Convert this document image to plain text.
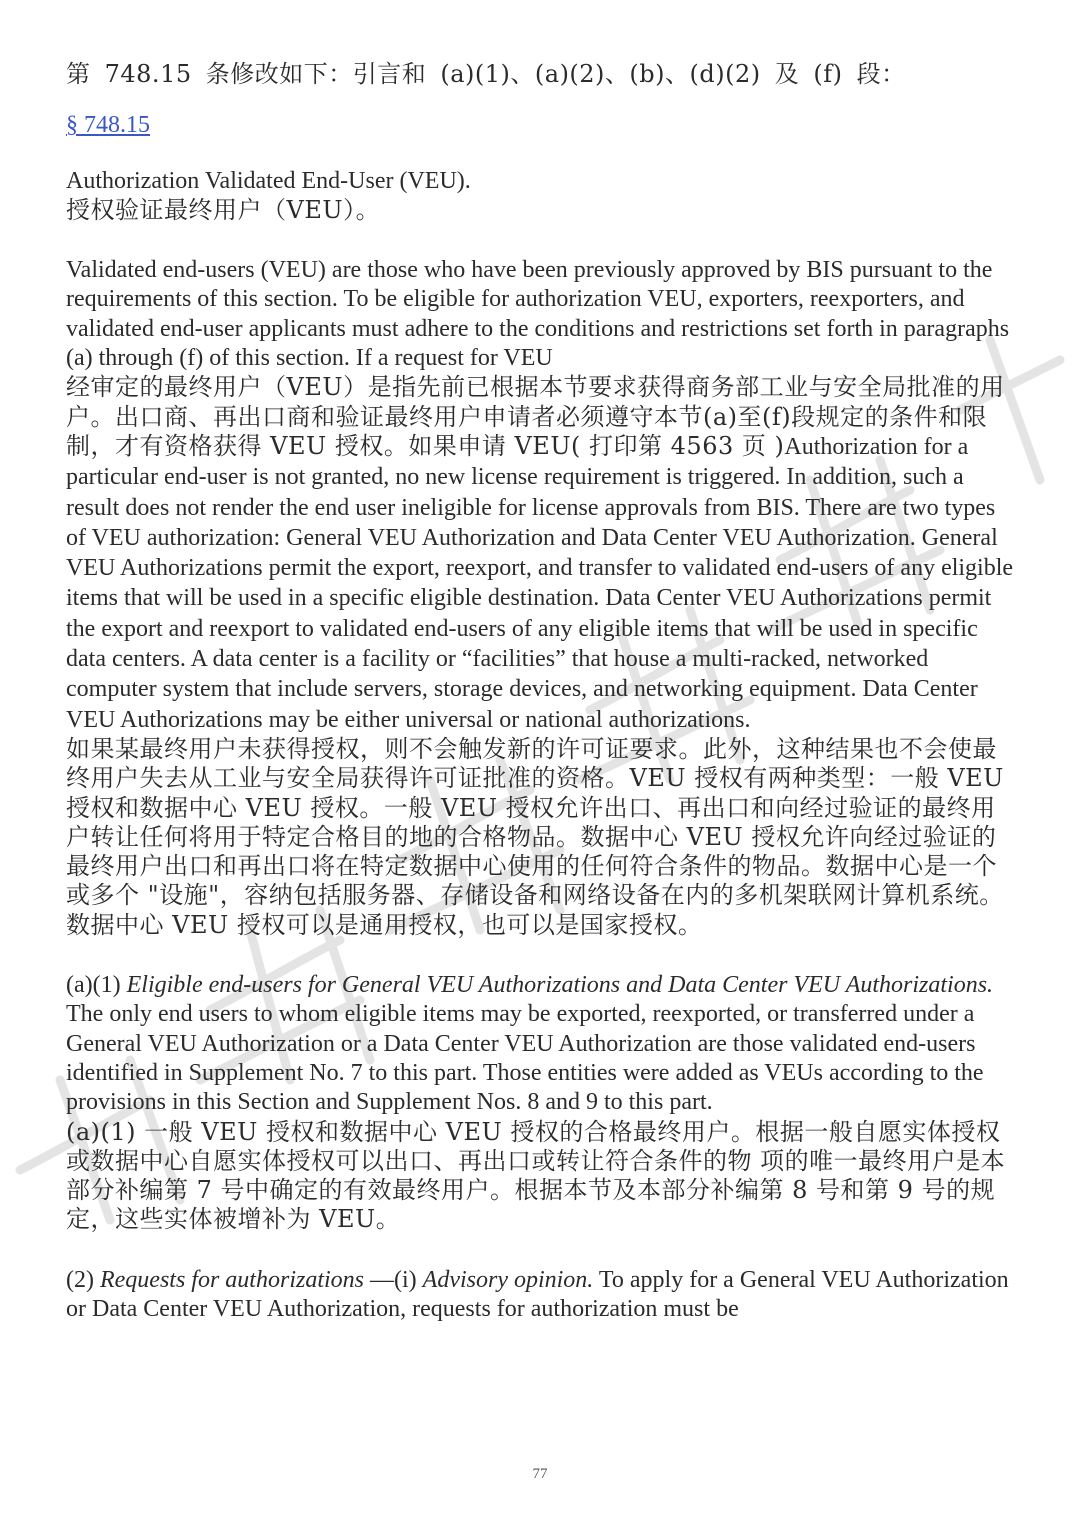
第 748.15 条修改如下：引言和 (a)(1)、(a)(2)、(b)、(d)(2) 及 (f) 段：

§ 748.15

Authorization Validated End-User (VEU).

授权验证最终用户（VEU）。

Validated end-users (VEU) are those who have been previously approved by BIS pursuant to the requirements of this section. To be eligible for authorization VEU, exporters, reexporters, and validated end-user applicants must adhere to the conditions and restrictions set forth in paragraphs (a) through (f) of this section. If a request for VEU

经审定的最终用户（VEU）是指先前已根据本节要求获得商务部工业与安全局批准的用户。出口商、再出口商和验证最终用户申请者必须遵守本节(a)至(f)段规定的条件和限制，才有资格获得 VEU 授权。如果申请 VEU( 打印第 4563 页 )Authorization for a particular end-user is not granted, no new license requirement is triggered. In addition, such a result does not render the end user ineligible for license approvals from BIS. There are two types of VEU authorization: General VEU Authorization and Data Center VEU Authorization. General VEU Authorizations permit the export, reexport, and transfer to validated end-users of any eligible items that will be used in a specific eligible destination. Data Center VEU Authorizations permit the export and reexport to validated end-users of any eligible items that will be used in specific data centers. A data center is a facility or “facilities” that house a multi-racked, networked computer system that include servers, storage devices, and networking equipment. Data Center VEU Authorizations may be either universal or national authorizations.

如果某最终用户未获得授权，则不会触发新的许可证要求。此外，这种结果也不会使最终用户失去从工业与安全局获得许可证批准的资格。VEU 授权有两种类型：一般 VEU 授权和数据中心 VEU 授权。一般 VEU 授权允许出口、再出口和向经过验证的最终用户转让任何将用于特定合格目的地的合格物品。数据中心 VEU 授权允许向经过验证的最终用户出口和再出口将在特定数据中心使用的任何符合条件的物品。数据中心是一个或多个 "设施"，容纳包括服务器、存储设备和网络设备在内的多机架联网计算机系统。数据中心 VEU 授权可以是通用授权，也可以是国家授权。

(a)(1) Eligible end-users for General VEU Authorizations and Data Center VEU Authorizations. The only end users to whom eligible items may be exported, reexported, or transferred under a General VEU Authorization or a Data Center VEU Authorization are those validated end-users identified in Supplement No. 7 to this part. Those entities were added as VEUs according to the provisions in this Section and Supplement Nos. 8 and 9 to this part.

(a)(1) 一般 VEU 授权和数据中心 VEU 授权的合格最终用户。根据一般自愿实体授权或数据中心自愿实体授权可以出口、再出口或转让符合条件的物 项的唯一最终用户是本部分补编第 7 号中确定的有效最终用户。根据本节及本部分补编第 8 号和第 9 号的规定，这些实体被增补为 VEU。

(2) Requests for authorizations —(i) Advisory opinion. To apply for a General VEU Authorization or Data Center VEU Authorization, requests for authorization must be

77
